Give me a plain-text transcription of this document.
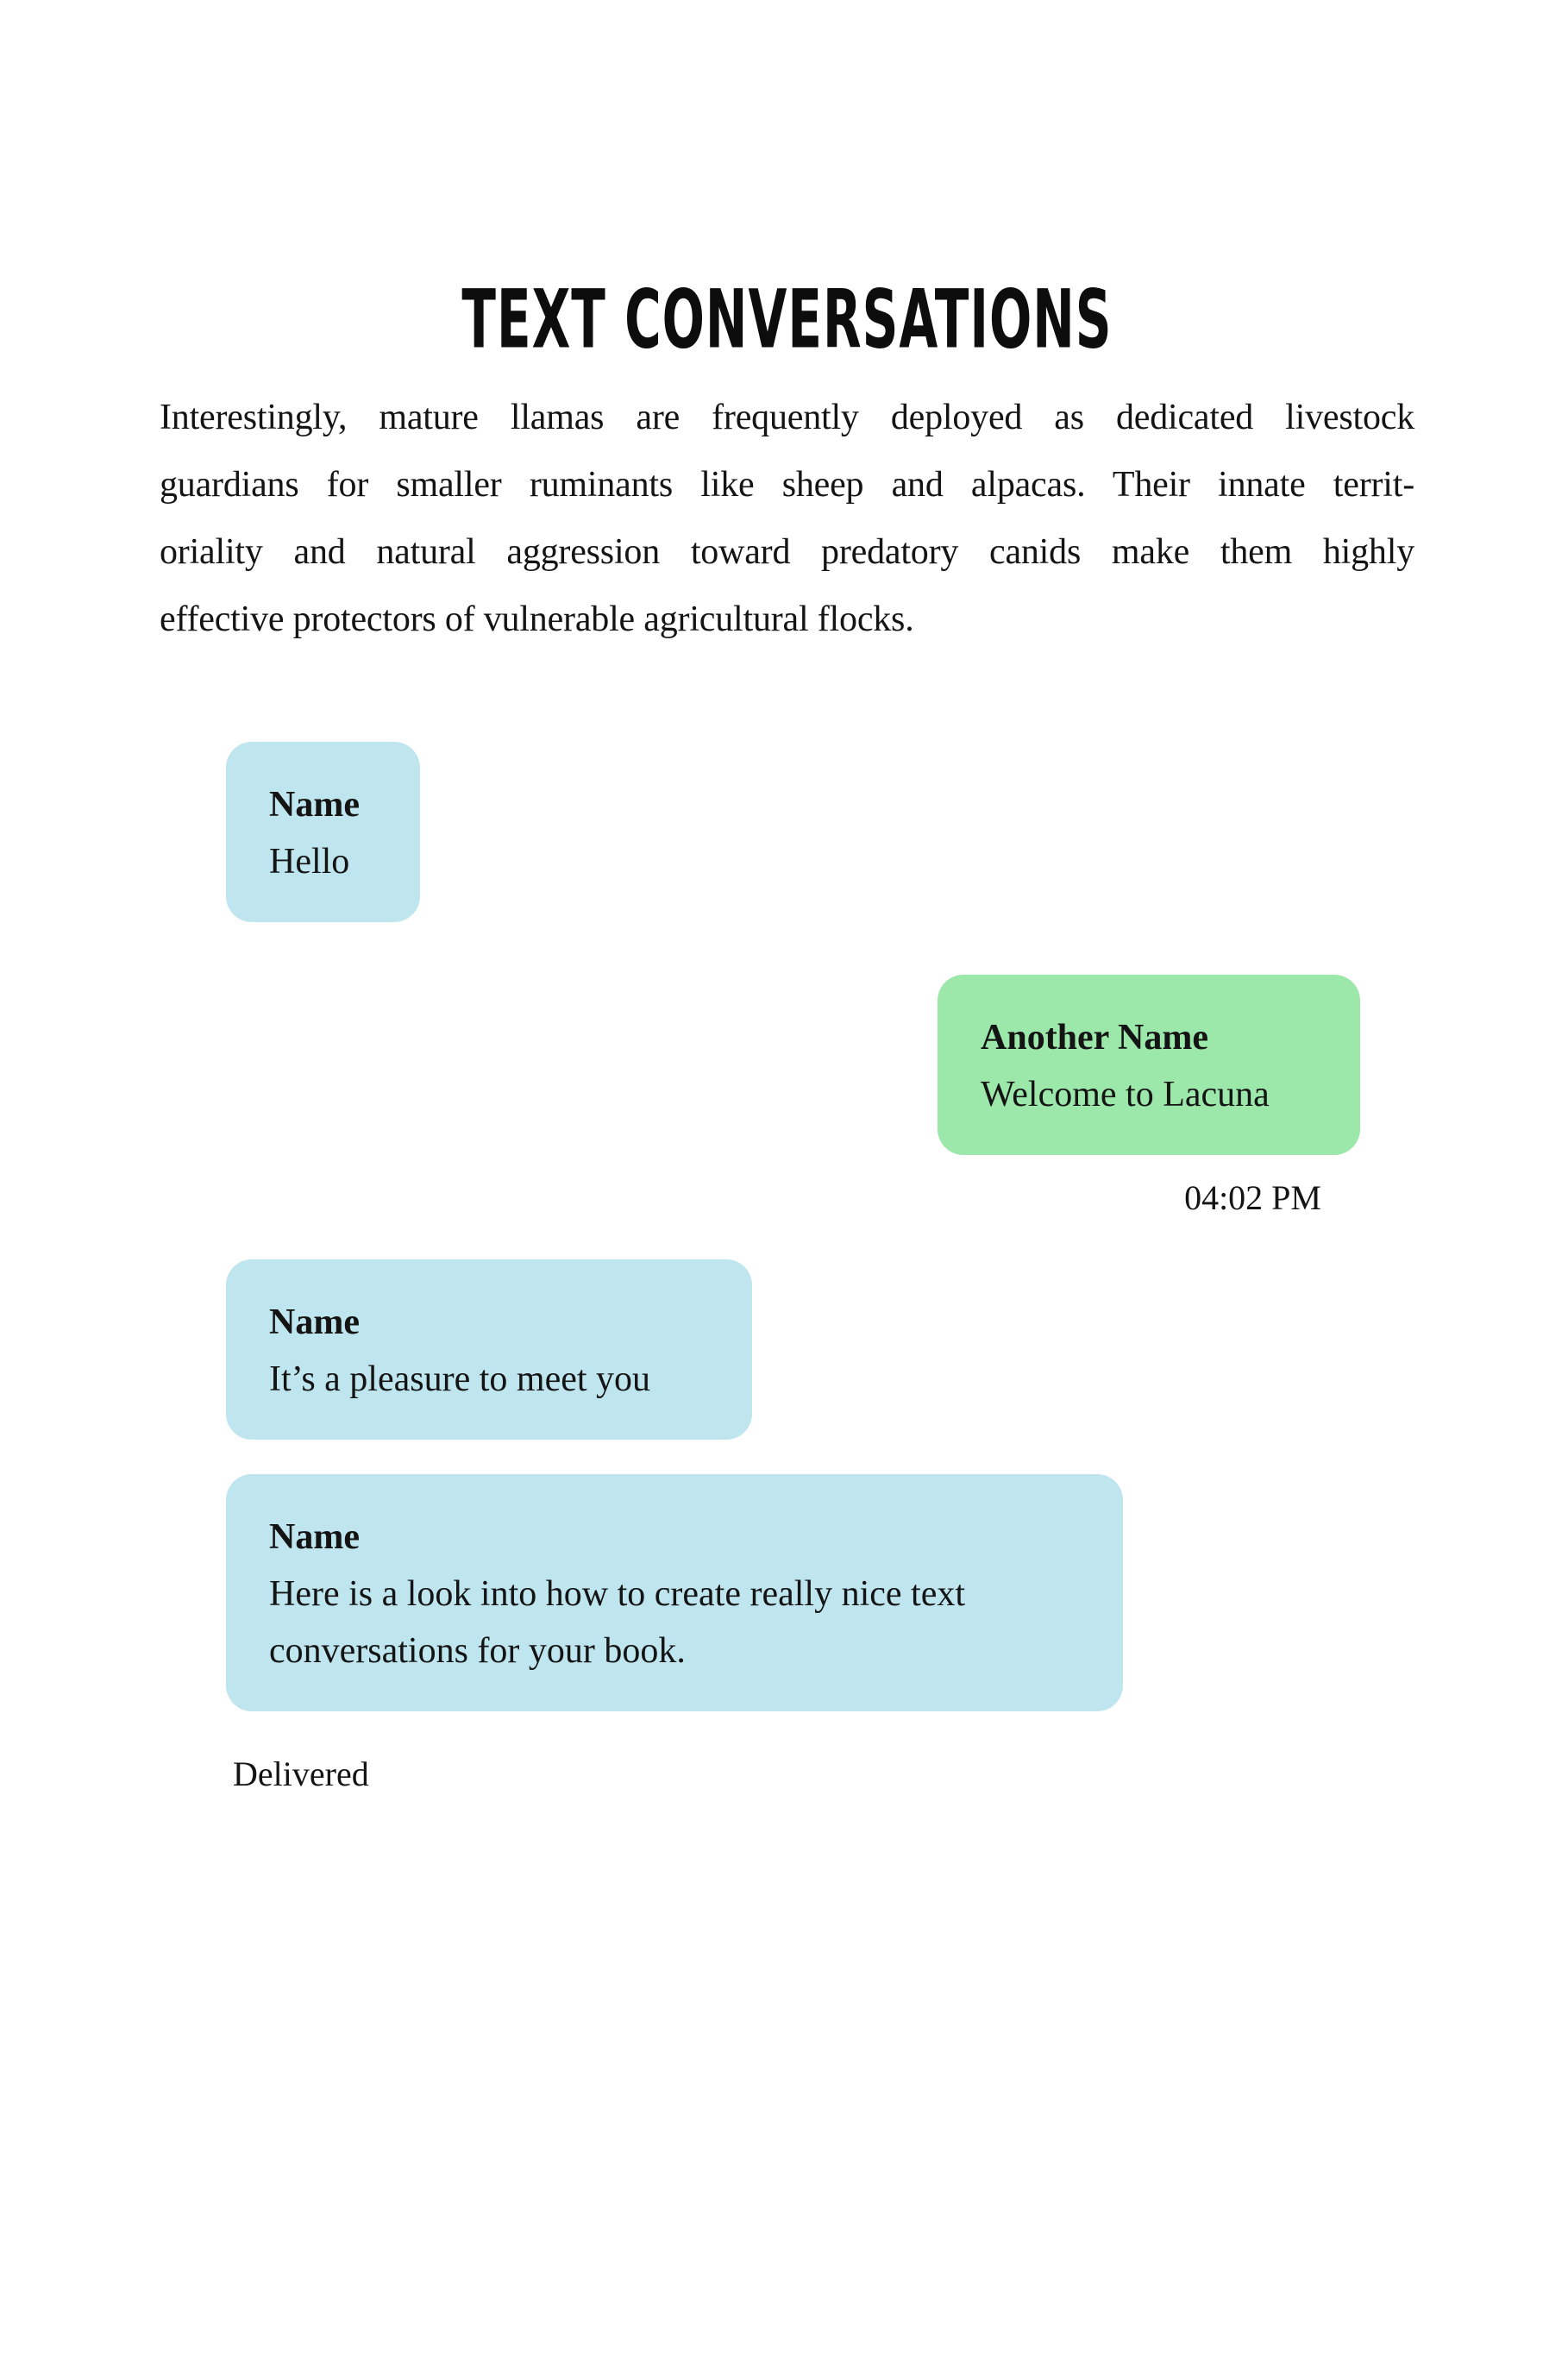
TEXT CONVERSATIONS
Interestingly, mature llamas are frequently deployed as dedicated livestock
guardians for smaller ruminants like sheep and alpacas. Their innate territ-
oriality and natural aggression toward predatory canids make them highly
effective protectors of vulnerable agricultural flocks.
Name
Hello
Another Name
Welcome to Lacuna
04:02 PM
Name
It’s a pleasure to meet you
Name
Here is a look into how to create really nice text
conversations for your book.
Delivered
